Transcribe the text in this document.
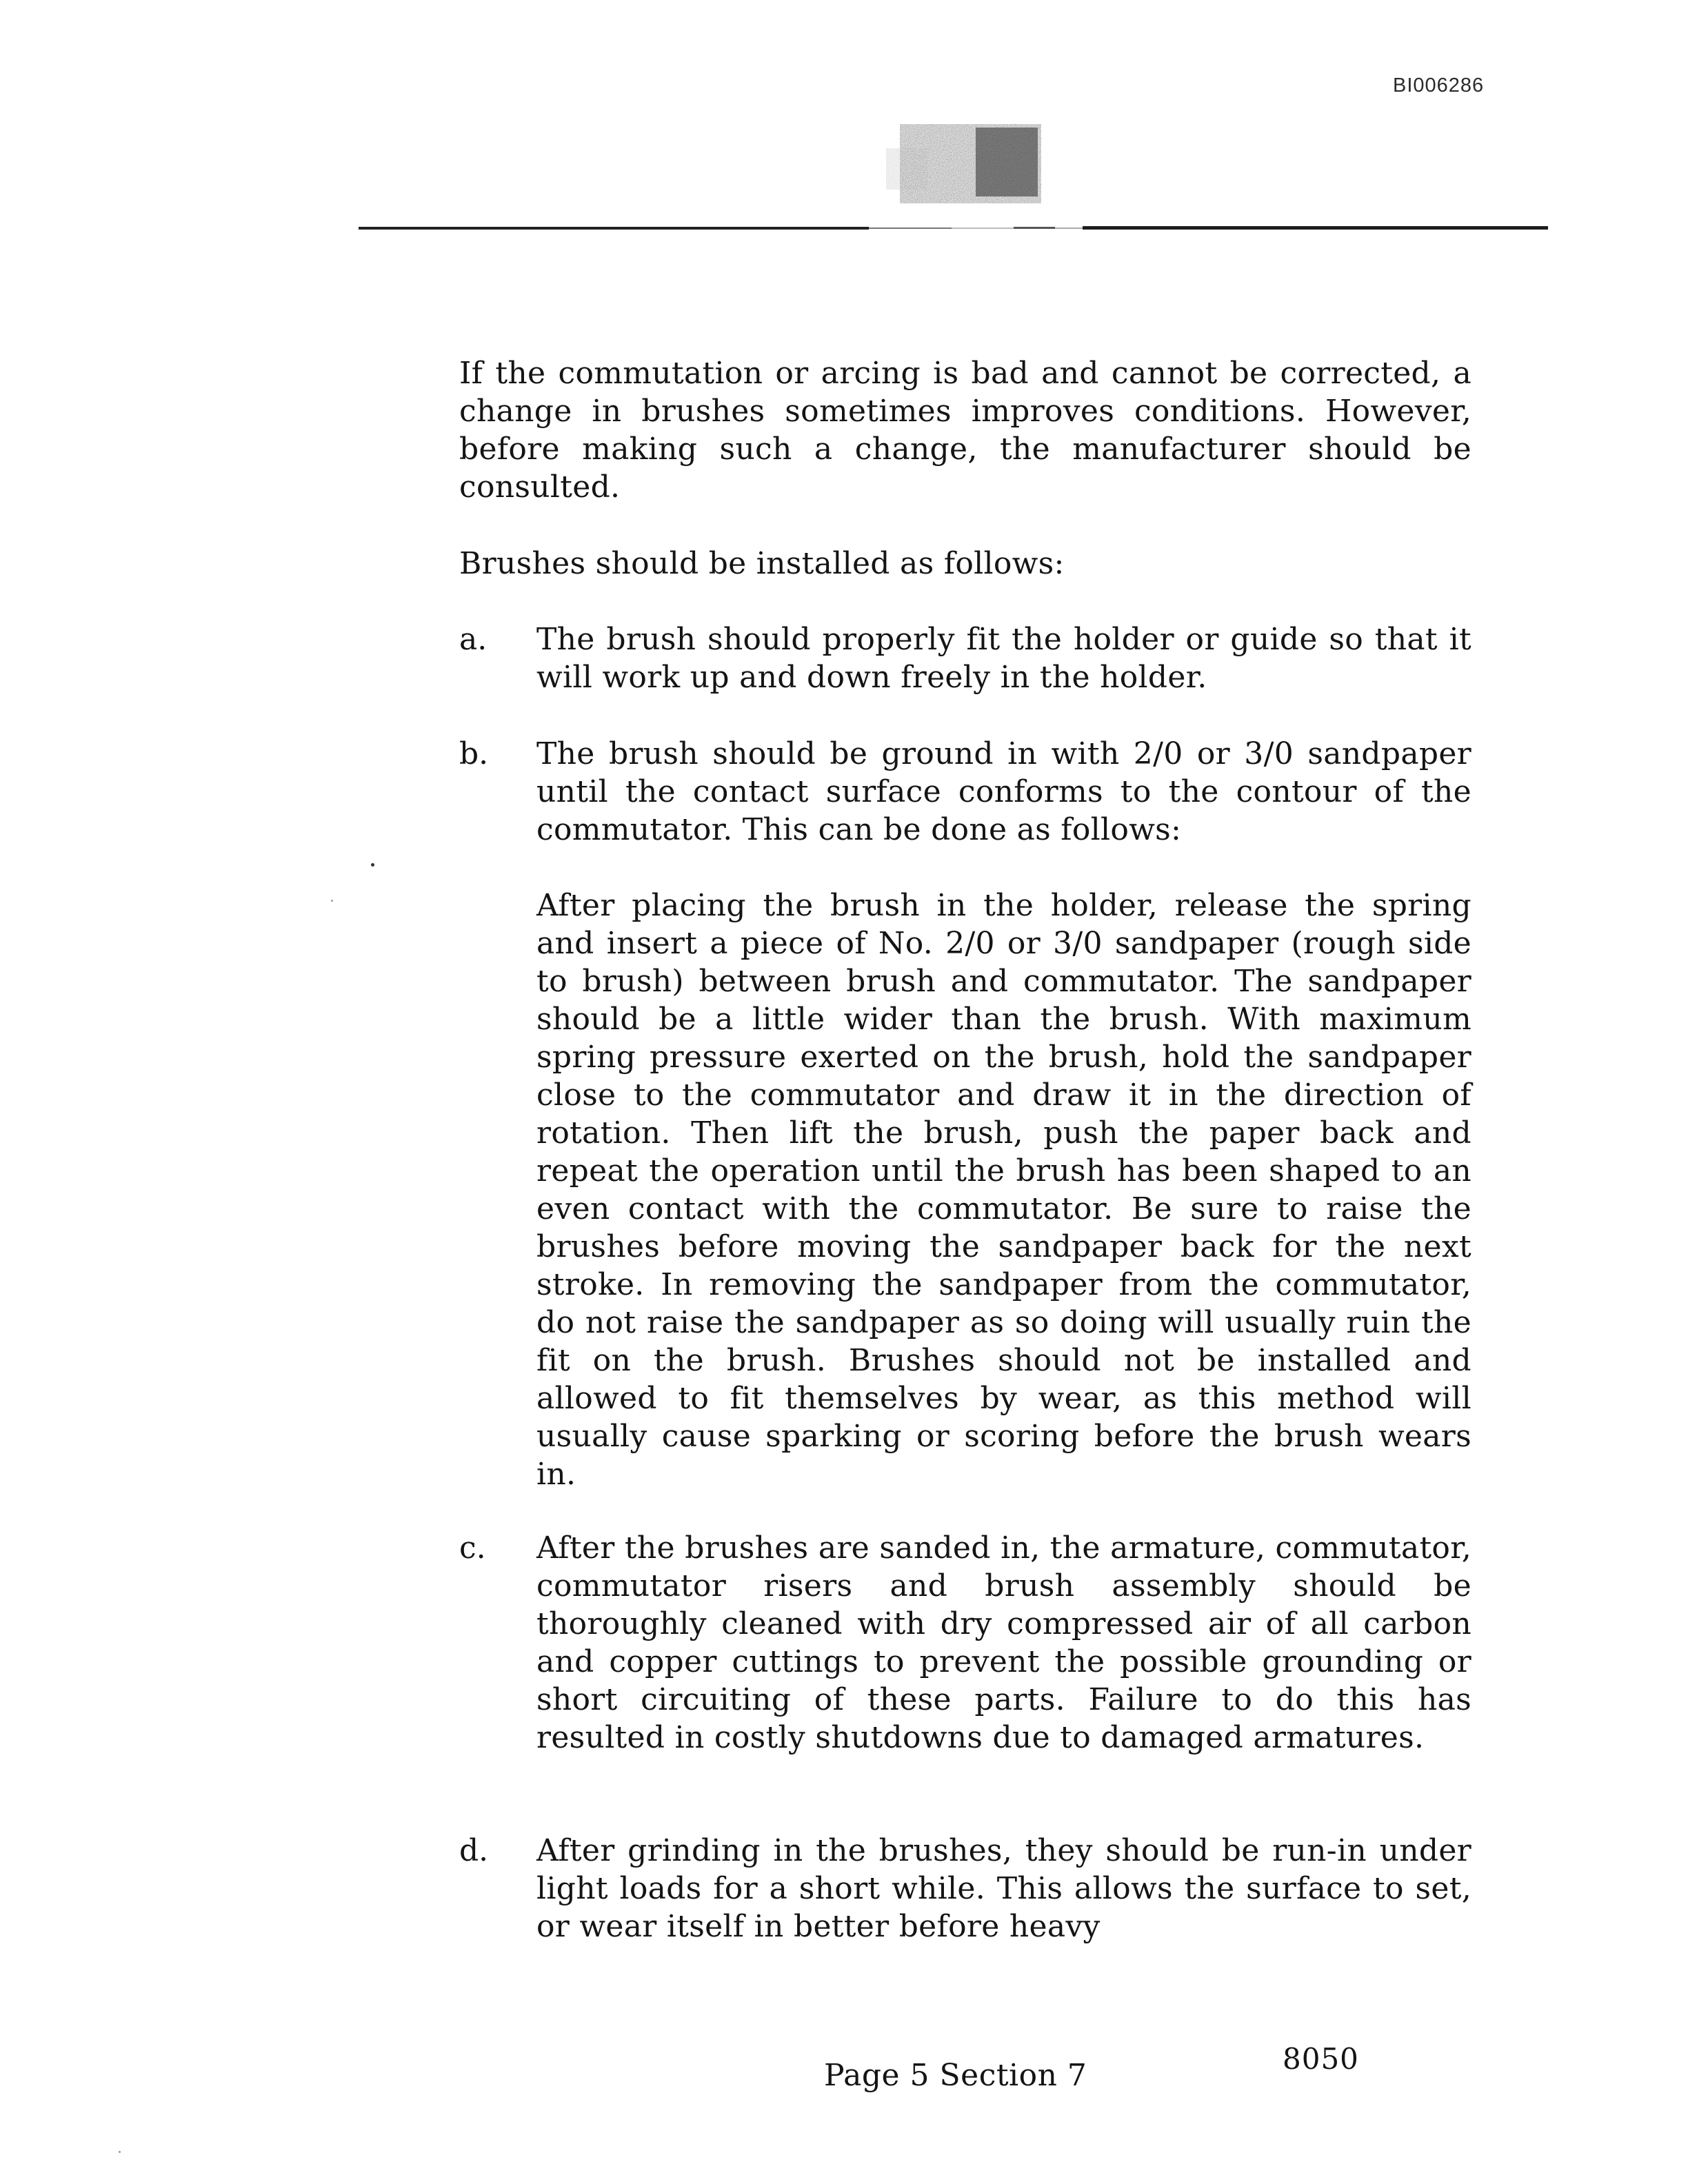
BI006286
If the commutation or arcing is bad and cannot be corrected, a change in brushes sometimes improves conditions. However, before making such a change, the manufacturer should be consulted.
Brushes should be installed as follows:
a.	The brush should properly fit the holder or guide so that it will work up and down freely in the holder.
b.	The brush should be ground in with 2/0 or 3/0 sandpaper until the contact surface conforms to the contour of the commutator. This can be done as follows:
After placing the brush in the holder, release the spring and insert a piece of No. 2/0 or 3/0 sandpaper (rough side to brush) between brush and commutator. The sandpaper should be a little wider than the brush. With maximum spring pressure exerted on the brush, hold the sandpaper close to the commutator and draw it in the direction of rotation. Then lift the brush, push the paper back and repeat the operation until the brush has been shaped to an even contact with the commutator. Be sure to raise the brushes before moving the sandpaper back for the next stroke. In removing the sandpaper from the commutator, do not raise the sandpaper as so doing will usually ruin the fit on the brush. Brushes should not be installed and allowed to fit themselves by wear, as this method will usually cause sparking or scoring before the brush wears in.
c.	After the brushes are sanded in, the armature, commutator, commutator risers and brush assembly should be thoroughly cleaned with dry compressed air of all carbon and copper cuttings to prevent the possible grounding or short circuiting of these parts. Failure to do this has resulted in costly shutdowns due to damaged armatures.
d.	After grinding in the brushes, they should be run-in under light loads for a short while. This allows the surface to set, or wear itself in better before heavy
Page 5 Section 7	8050
